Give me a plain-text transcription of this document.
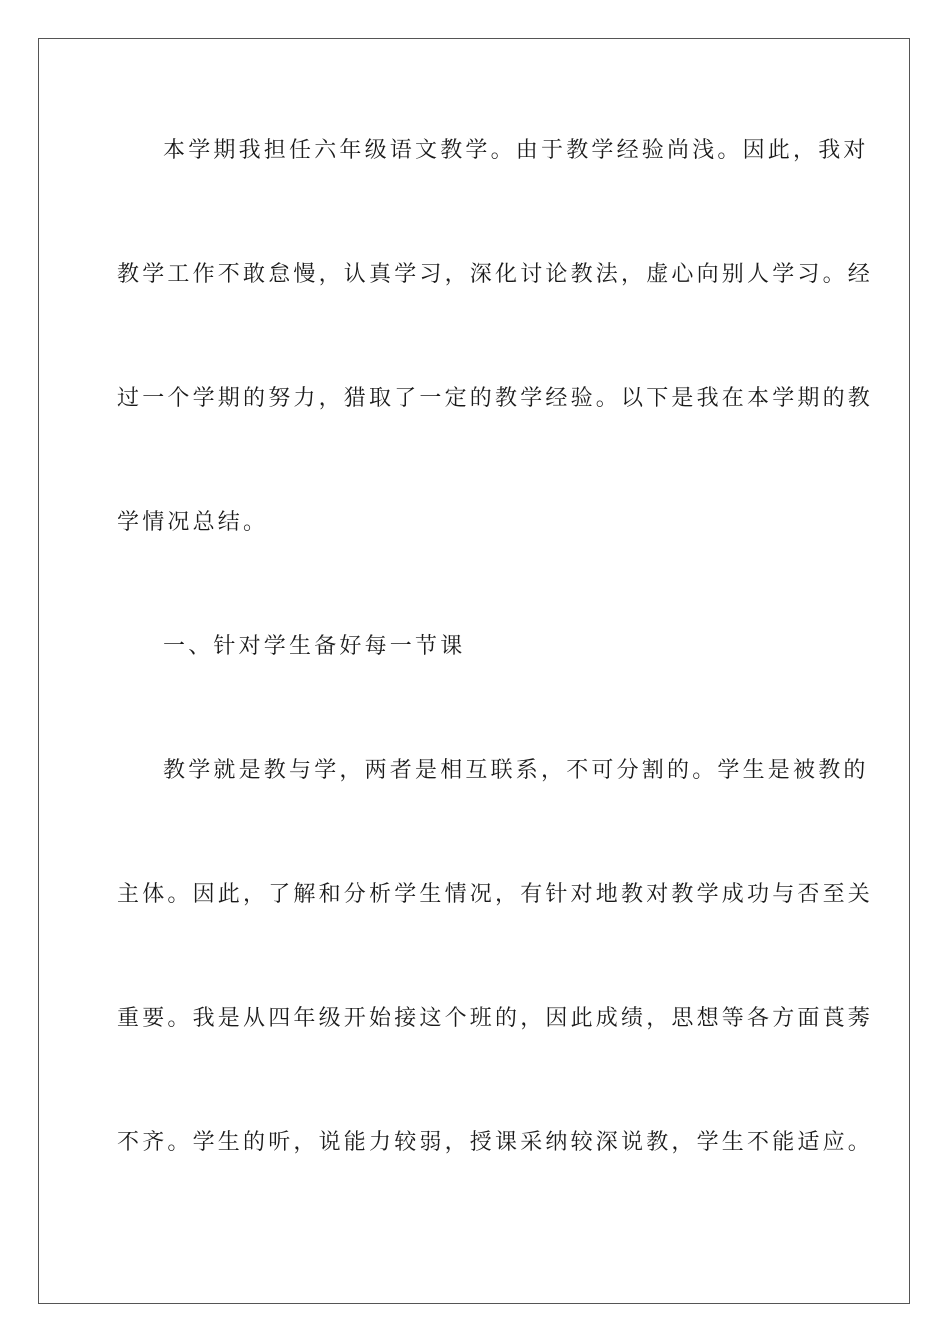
本学期我担任六年级语文教学。由于教学经验尚浅。因此，我对
教学工作不敢怠慢，认真学习，深化讨论教法，虚心向别人学习。经
过一个学期的努力，猎取了一定的教学经验。以下是我在本学期的教
学情况总结。
一、针对学生备好每一节课
教学就是教与学，两者是相互联系，不可分割的。学生是被教的
主体。因此，了解和分析学生情况，有针对地教对教学成功与否至关
重要。我是从四年级开始接这个班的，因此成绩，思想等各方面莨莠
不齐。学生的听，说能力较弱，授课采纳较深说教，学生不能适应。
